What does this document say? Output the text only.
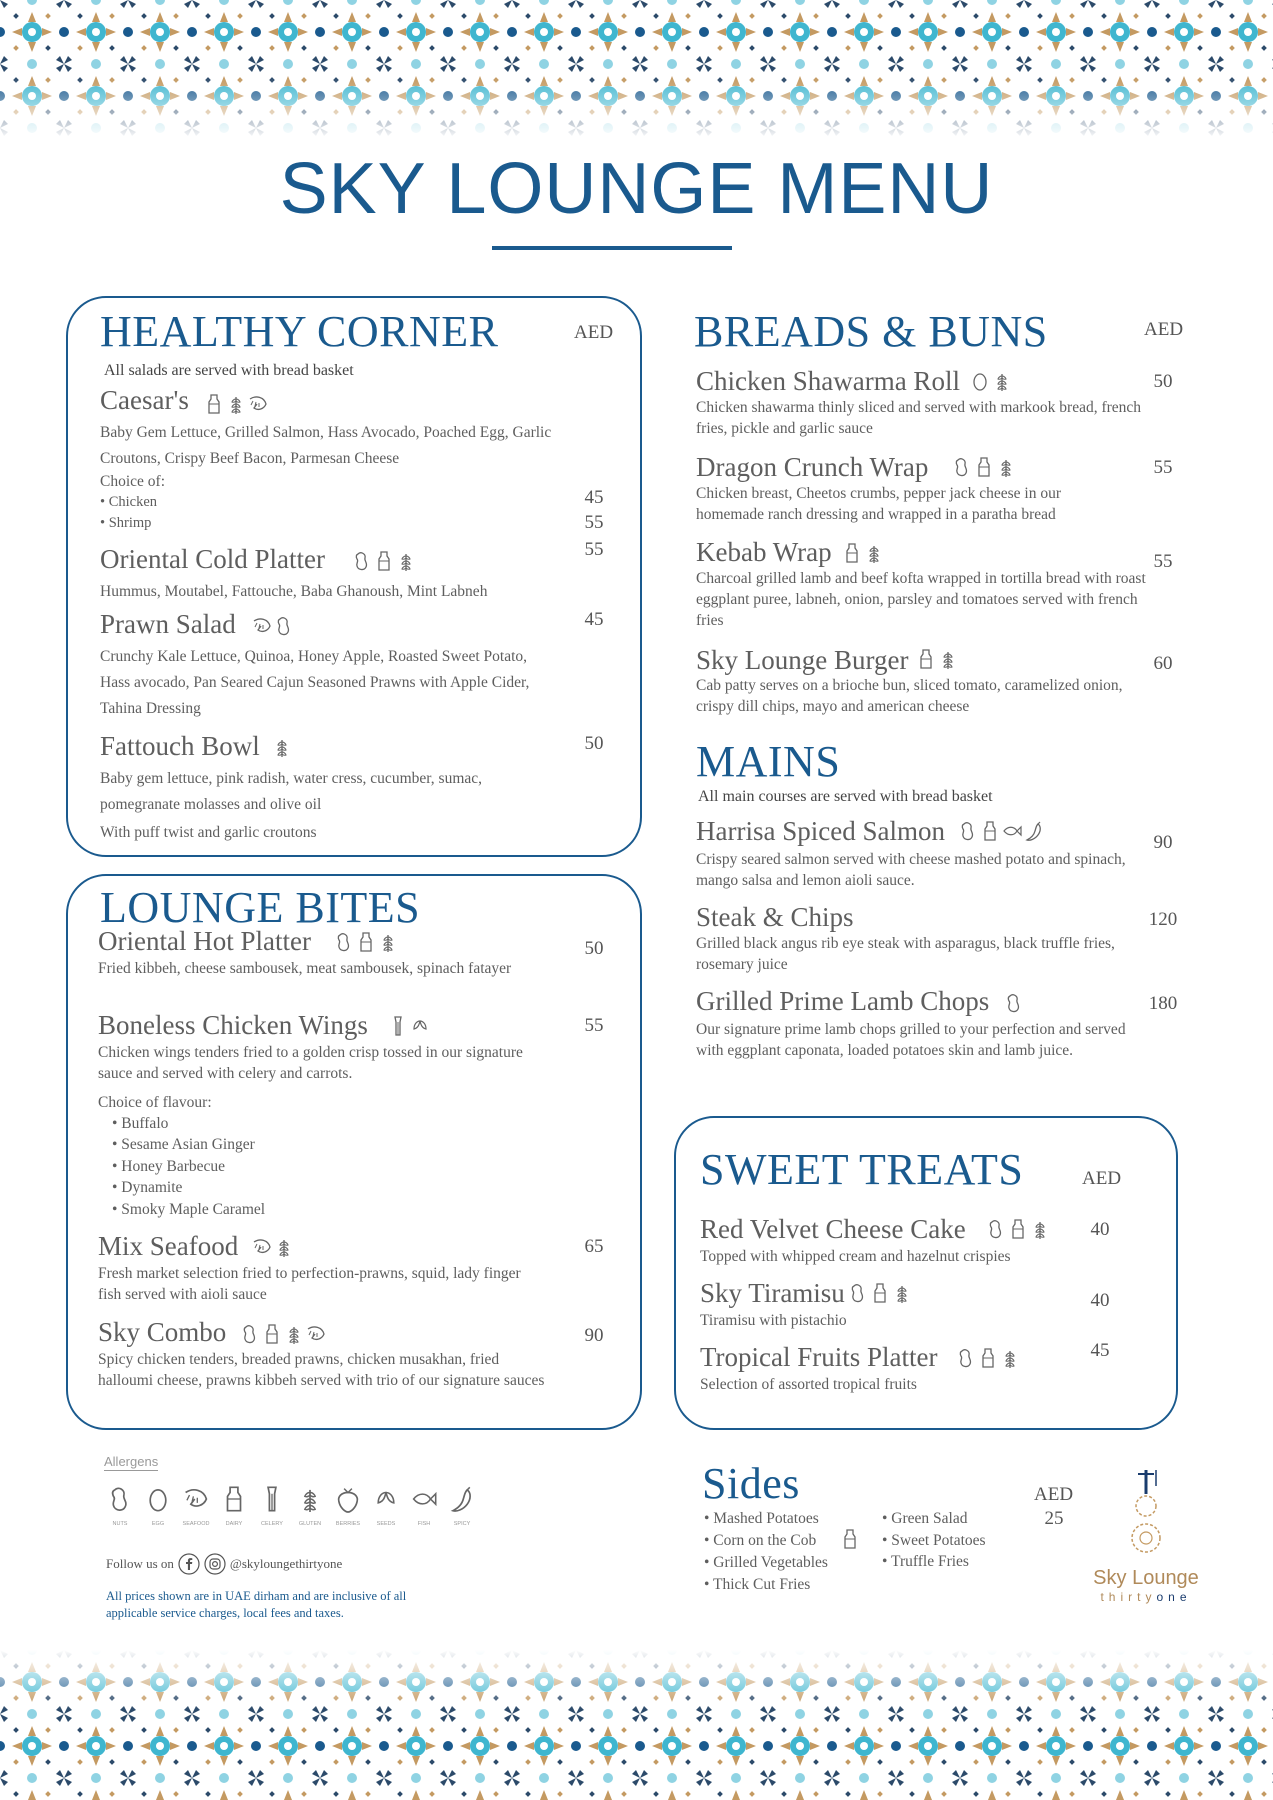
SKY LOUNGE MENU
HEALTHY CORNER	AED
All salads are served with bread basket
Caesar's
Baby Gem Lettuce, Grilled Salmon, Hass Avocado, Poached Egg, Garlic Croutons, Crispy Beef Bacon, Parmesan Cheese
Choice of:
• Chicken	45
• Shrimp	55
Oriental Cold Platter	55
Hummus, Moutabel, Fattouche, Baba Ghanoush, Mint Labneh
Prawn Salad	45
Crunchy Kale Lettuce, Quinoa, Honey Apple, Roasted Sweet Potato, Hass avocado, Pan Seared Cajun Seasoned Prawns with Apple Cider, Tahina Dressing
Fattouch Bowl	50
Baby gem lettuce, pink radish, water cress, cucumber, sumac, pomegranate molasses and olive oil
With puff twist and garlic croutons
LOUNGE BITES
Oriental Hot Platter	50
Fried kibbeh, cheese sambousek, meat sambousek, spinach fatayer
Boneless Chicken Wings	55
Chicken wings tenders fried to a golden crisp tossed in our signature sauce and served with celery and carrots.
Choice of flavour:
• Buffalo
• Sesame Asian Ginger
• Honey Barbecue
• Dynamite
• Smoky Maple Caramel
Mix Seafood	65
Fresh market selection fried to perfection-prawns, squid, lady finger fish served with aioli sauce
Sky Combo	90
Spicy chicken tenders, breaded prawns, chicken musakhan, fried halloumi cheese, prawns kibbeh served with trio of our signature sauces
BREADS & BUNS	AED
Chicken Shawarma Roll	50
Chicken shawarma thinly sliced and served with markook bread, french fries, pickle and garlic sauce
Dragon Crunch Wrap	55
Chicken breast, Cheetos crumbs, pepper jack cheese in our homemade ranch dressing and wrapped in a paratha bread
Kebab Wrap	55
Charcoal grilled lamb and beef kofta wrapped in tortilla bread with roast eggplant puree, labneh, onion, parsley and tomatoes served with french fries
Sky Lounge Burger	60
Cab patty serves on a brioche bun, sliced tomato, caramelized onion, crispy dill chips, mayo and american cheese
MAINS
All main courses are served with bread basket
Harrisa Spiced Salmon	90
Crispy seared salmon served with cheese mashed potato and spinach, mango salsa and lemon aioli sauce.
Steak & Chips	120
Grilled black angus rib eye steak with asparagus, black truffle fries, rosemary juice
Grilled Prime Lamb Chops	180
Our signature prime lamb chops grilled to your perfection and served with eggplant caponata, loaded potatoes skin and lamb juice.
SWEET TREATS	AED
Red Velvet Cheese Cake	40
Topped with whipped cream and hazelnut crispies
Sky Tiramisu	40
Tiramisu with pistachio
Tropical Fruits Platter	45
Selection of assorted tropical fruits
Sides	AED
25
• Mashed Potatoes
• Corn on the Cob
• Grilled Vegetables
• Thick Cut Fries
• Green Salad
• Sweet Potatoes
• Truffle Fries
Sky Lounge
thirtyone
Allergens
NUTS	EGG	SEAFOOD	DAIRY	CELERY	GLUTEN	BERRIES	SEEDS	FISH	SPICY
Follow us on	@skyloungethirtyone
All prices shown are in UAE dirham and are inclusive of all applicable service charges, local fees and taxes.
